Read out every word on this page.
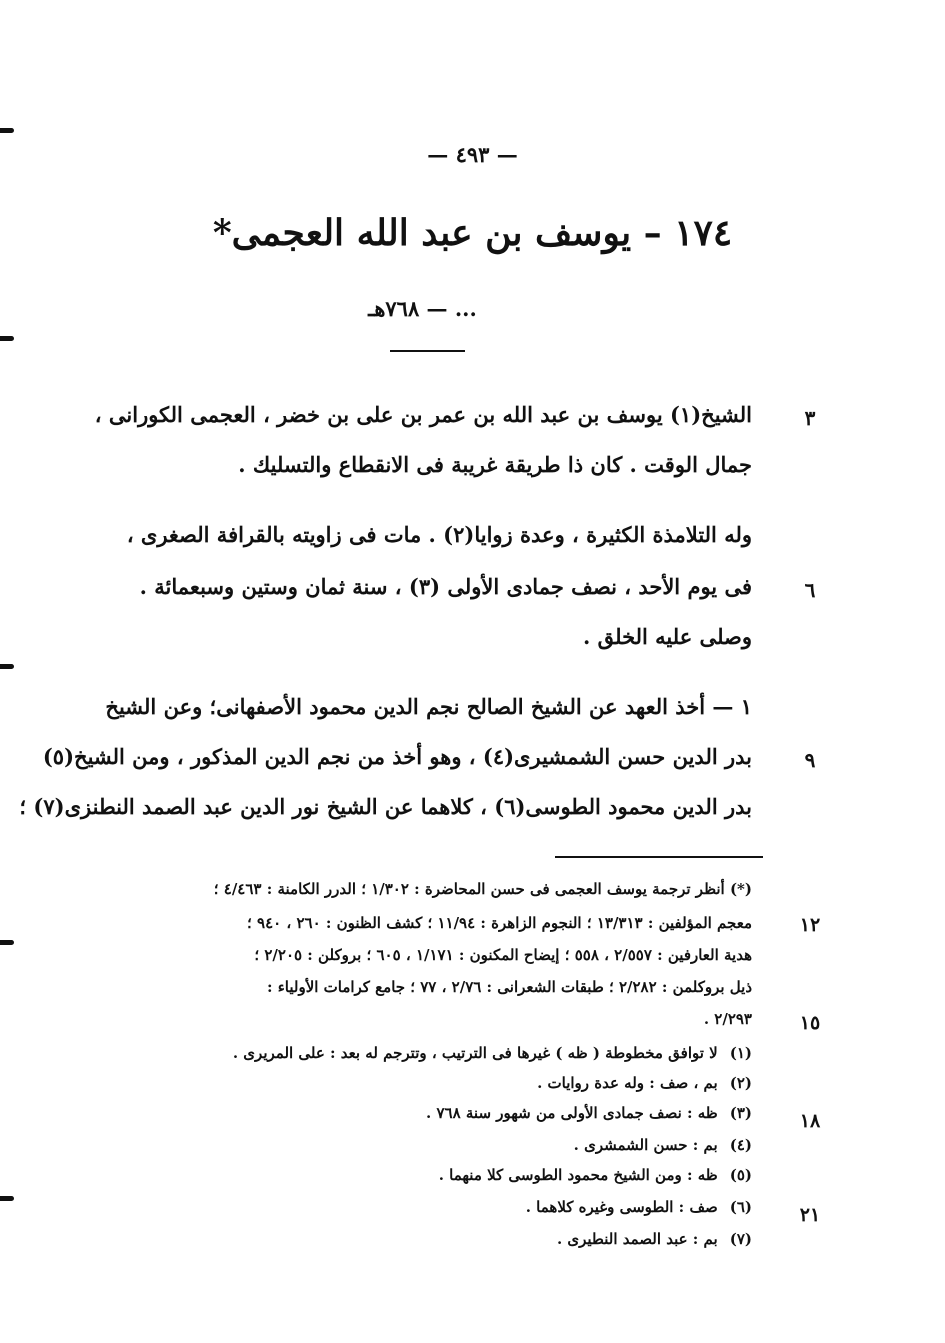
— ٤٩٣ —
١٧٤ – يوسف بن عبد الله العجمى*
... — ٧٦٨هـ
الشيخ(١) يوسف بن عبد الله بن عمر بن على بن خضر ، العجمى الكورانى ،	٣
جمال الوقت . كان ذا طريقة غريبة فى الانقطاع والتسليك .
وله التلامذة الكثيرة ، وعدة زوايا(٢) . مات فى زاويته بالقرافة الصغرى ،
فى يوم الأحد ، نصف جمادى الأولى (٣) ، سنة ثمان وستين وسبعمائة .	٦
وصلى عليه الخلق .
١ — أخذ العهد عن الشيخ الصالح نجم الدين محمود الأصفهانى؛ وعن الشيخ
بدر الدين حسن الشمشيرى(٤) ، وهو أخذ من نجم الدين المذكور ، ومن الشيخ(٥)	٩
بدر الدين محمود الطوسى(٦) ، كلاهما عن الشيخ نور الدين عبد الصمد النطنزى(٧) ؛
(*) أنظر ترجمة يوسف العجمى فى حسن المحاضرة : ١/٣٠٢ ؛ الدرر الكامنة : ٤/٤٦٣ ؛
معجم المؤلفين : ١٣/٣١٣ ؛ النجوم الزاهرة : ١١/٩٤ ؛ كشف الظنون : ٢٦٠ ، ٩٤٠ ؛	١٢
هدية العارفين : ٢/٥٥٧ ، ٥٥٨ ؛ إيضاح المكنون : ١/١٧١ ، ٦٠٥ ؛ بروكلن : ٢/٢٠٥ ؛
ذيل بروكلمن : ٢/٢٨٢ ؛ طبقات الشعرانى : ٢/٧٦ ، ٧٧ ؛ جامع كرامات الأولياء :
٢/٢٩٣ .	١٥
(١)لا توافق مخطوطة ( ظه ) غيرها فى الترتيب ، وتترجم له بعد : على المريرى .
(٢)بم ، صف : وله عدة روايات .
(٣)ظه : نصف جمادى الأولى من شهور سنة ٧٦٨ .	١٨
(٤)بم : حسن الشمشرى .
(٥)ظه : ومن الشيخ محمود الطوسى كلا منهما .
(٦)صف : الطوسى وغيره كلاهما .	٢١
(٧)بم : عبد الصمد النطيرى .
